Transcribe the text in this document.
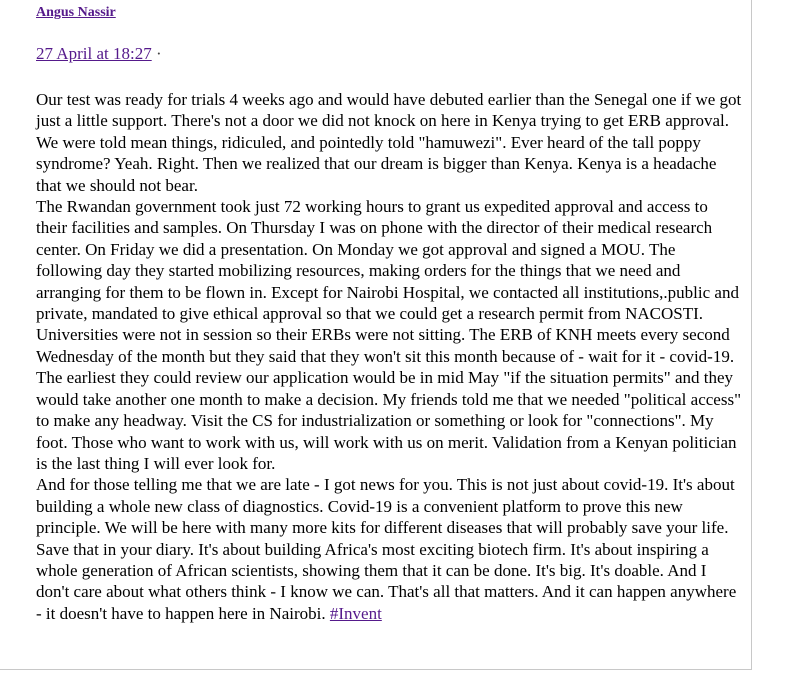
Angus Nassir
27 April at 18:27 ·

Our test was ready for trials 4 weeks ago and would have debuted earlier than the Senegal one if we got just a little support. There's not a door we did not knock on here in Kenya trying to get ERB approval. We were told mean things, ridiculed, and pointedly told "hamuwezi". Ever heard of the tall poppy syndrome? Yeah. Right. Then we realized that our dream is bigger than Kenya. Kenya is a headache that we should not bear.

The Rwandan government took just 72 working hours to grant us expedited approval and access to their facilities and samples. On Thursday I was on phone with the director of their medical research center. On Friday we did a presentation. On Monday we got approval and signed a MOU. The following day they started mobilizing resources, making orders for the things that we need and arranging for them to be flown in. Except for Nairobi Hospital, we contacted all institutions,.public and private, mandated to give ethical approval so that we could get a research permit from NACOSTI. Universities were not in session so their ERBs were not sitting. The ERB of KNH meets every second Wednesday of the month but they said that they won't sit this month because of - wait for it - covid-19. The earliest they could review our application would be in mid May "if the situation permits" and they would take another one month to make a decision. My friends told me that we needed "political access" to make any headway. Visit the CS for industrialization or something or look for "connections". My foot. Those who want to work with us, will work with us on merit. Validation from a Kenyan politician is the last thing I will ever look for.

And for those telling me that we are late - I got news for you. This is not just about covid-19. It's about building a whole new class of diagnostics. Covid-19 is a convenient platform to prove this new principle. We will be here with many more kits for different diseases that will probably save your life. Save that in your diary. It's about building Africa's most exciting biotech firm. It's about inspiring a whole generation of African scientists, showing them that it can be done. It's big. It's doable. And I don't care about what others think - I know we can. That's all that matters. And it can happen anywhere - it doesn't have to happen here in Nairobi. #Invent
